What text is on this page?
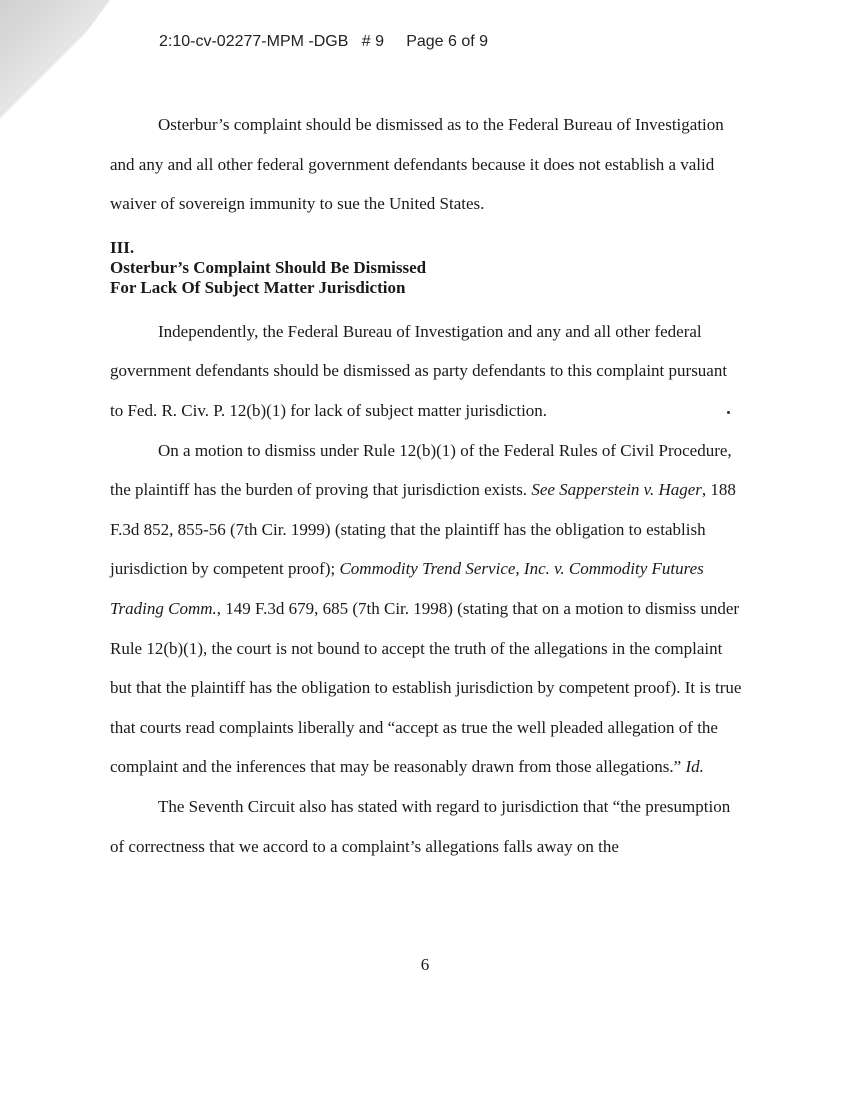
2:10-cv-02277-MPM -DGB   # 9     Page 6 of 9

Osterbur’s complaint should be dismissed as to the Federal Bureau of Investigation and any and all other federal government defendants because it does not establish a valid waiver of sovereign immunity to sue the United States.

III.
Osterbur’s Complaint Should Be Dismissed
For Lack Of Subject Matter Jurisdiction

Independently, the Federal Bureau of Investigation and any and all other federal government defendants should be dismissed as party defendants to this complaint pursuant to Fed. R. Civ. P. 12(b)(1) for lack of subject matter jurisdiction.

On a motion to dismiss under Rule 12(b)(1) of the Federal Rules of Civil Procedure, the plaintiff has the burden of proving that jurisdiction exists. See Sapperstein v. Hager, 188 F.3d 852, 855-56 (7th Cir. 1999) (stating that the plaintiff has the obligation to establish jurisdiction by competent proof); Commodity Trend Service, Inc. v. Commodity Futures Trading Comm., 149 F.3d 679, 685 (7th Cir. 1998) (stating that on a motion to dismiss under Rule 12(b)(1), the court is not bound to accept the truth of the allegations in the complaint but that the plaintiff has the obligation to establish jurisdiction by competent proof). It is true that courts read complaints liberally and “accept as true the well pleaded allegation of the complaint and the inferences that may be reasonably drawn from those allegations.” Id.

The Seventh Circuit also has stated with regard to jurisdiction that “the presumption of correctness that we accord to a complaint’s allegations falls away on the

6
